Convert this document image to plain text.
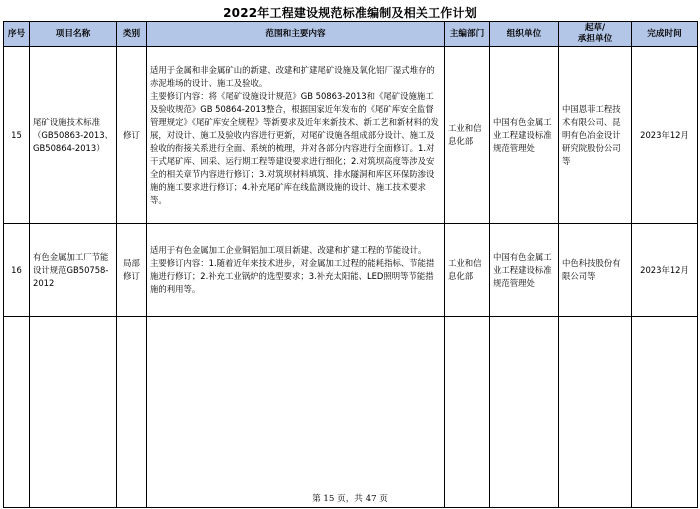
2022年工程建设规范标准编制及相关工作计划
序号	项目名称	类别	范围和主要内容	主编部门	组织单位	起草/
承担单位	完成时间
15	尾矿设施技术标准（GB50863-2013、GB50864-2013）	修订	适用于金属和非金属矿山的新建、改建和扩建尾矿设施及氧化铝厂湿式堆存的赤泥堆场的设计、施工及验收。
主要修订内容：将《尾矿设施设计规范》GB 50863-2013和《尾矿设施施工及验收规范》GB 50864-2013整合，根据国家近年发布的《尾矿库安全监督管理规定》《尾矿库安全规程》等新要求及近年来新技术、新工艺和新材料的发展，对设计、施工及验收内容进行更新，对尾矿设施各组成部分设计、施工及验收的衔接关系进行全面、系统的梳理，并对各部分内容进行全面修订。1.对干式尾矿库、回采、运行期工程等建设要求进行细化；2.对筑坝高度等涉及安全的相关章节内容进行修订；3.对筑坝材料填筑、排水隧洞和库区环保防渗设施的施工要求进行修订；4.补充尾矿库在线监测设施的设计、施工技术要求等。	工业和信息化部	中国有色金属工业工程建设标准规范管理处	中国恩菲工程技术有限公司、昆明有色冶金设计研究院股份公司等	2023年12月
16	有色金属加工厂节能设计规范GB50758-2012	局部修订	适用于有色金属加工企业铜铝加工项目新建、改建和扩建工程的节能设计。
主要修订内容：1.随着近年来技术进步，对金属加工过程的能耗指标、节能措施进行修订；2.补充工业锅炉的选型要求；3.补充太阳能、LED照明等节能措施的利用等。	工业和信息化部	中国有色金属工业工程建设标准规范管理处	中色科技股份有限公司等	2023年12月

第 15 页，共 47 页
